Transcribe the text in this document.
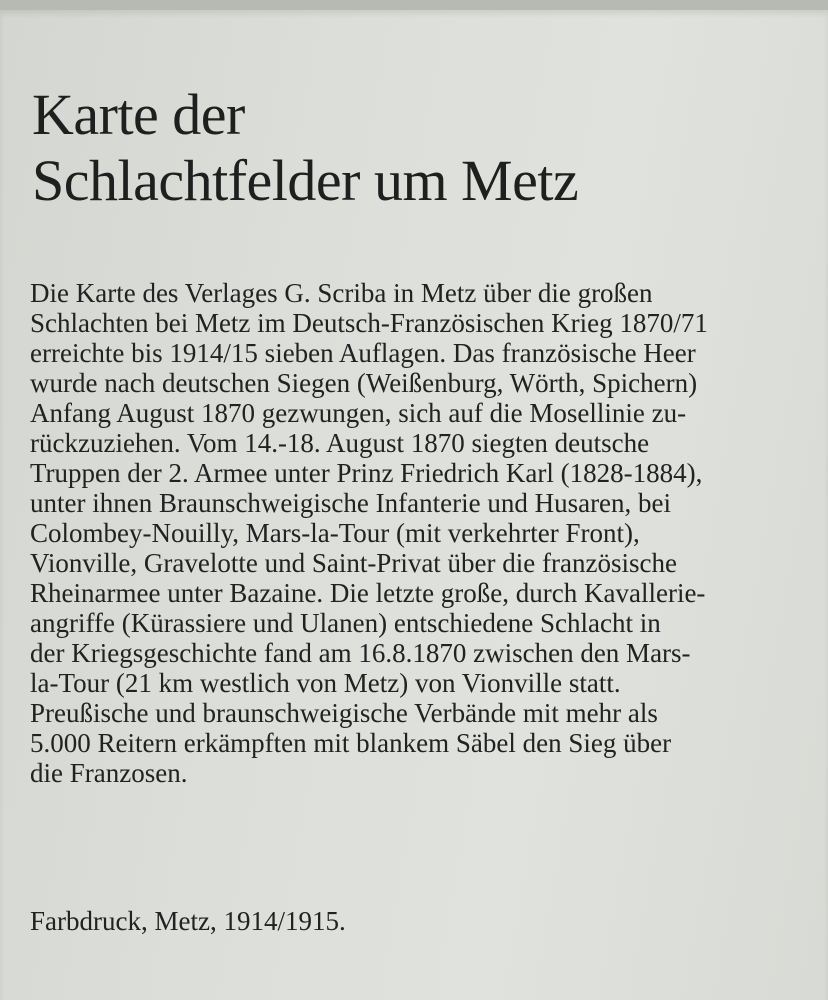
Karte der
Schlachtfelder um Metz

Die Karte des Verlages G. Scriba in Metz über die großen
Schlachten bei Metz im Deutsch-Französischen Krieg 1870/71
erreichte bis 1914/15 sieben Auflagen. Das französische Heer
wurde nach deutschen Siegen (Weißenburg, Wörth, Spichern)
Anfang August 1870 gezwungen, sich auf die Mosellinie zu-
rückzuziehen. Vom 14.-18. August 1870 siegten deutsche
Truppen der 2. Armee unter Prinz Friedrich Karl (1828-1884),
unter ihnen Braunschweigische Infanterie und Husaren, bei
Colombey-Nouilly, Mars-la-Tour (mit verkehrter Front),
Vionville, Gravelotte und Saint-Privat über die französische
Rheinarmee unter Bazaine. Die letzte große, durch Kavallerie-
angriffe (Kürassiere und Ulanen) entschiedene Schlacht in
der Kriegsgeschichte fand am 16.8.1870 zwischen den Mars-
la-Tour (21 km westlich von Metz) von Vionville statt.
Preußische und braunschweigische Verbände mit mehr als
5.000 Reitern erkämpften mit blankem Säbel den Sieg über
die Franzosen.

Farbdruck, Metz, 1914/1915.
